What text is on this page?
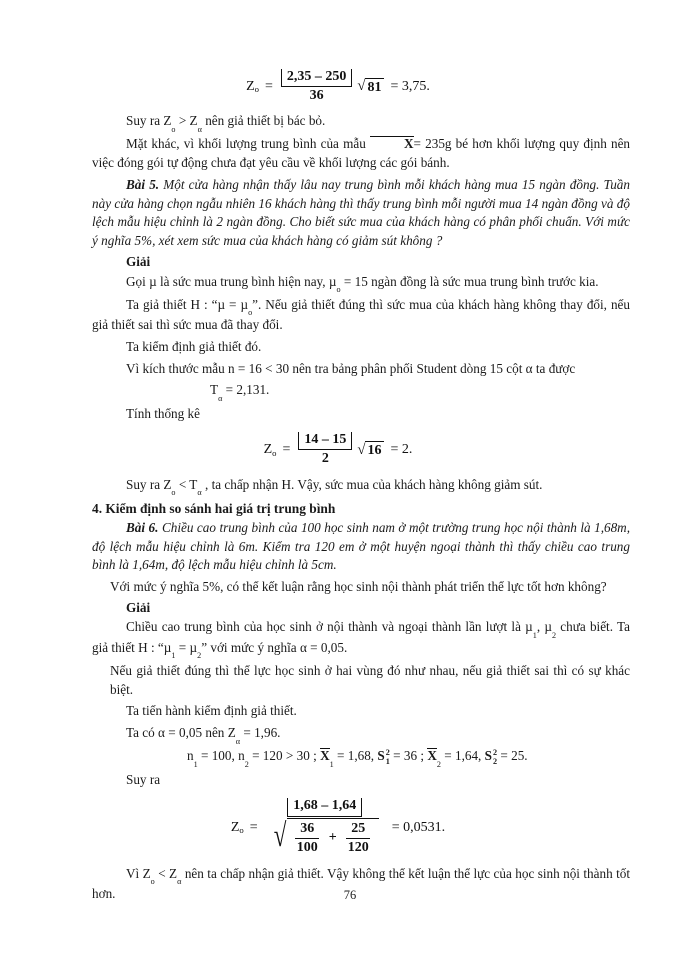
Z $o = \frac{2,35 - 250}{36}$ √ 81 = 3,75.

Suy ra $Z_o > Z_\alpha$ nên giả thiết bị bác bỏ.

Mặt khác, vì khối lượng trung bình của mẫu	X= 235g bé hơn khối lượng quy định nên việc đóng gói tự động chưa đạt yêu cầu về khối lượng các gói bánh.

Bài 5. Một cửa hàng nhận thấy lâu nay trung bình mỗi khách hàng mua 15 ngàn đồng. Tuần này cửa hàng chọn ngẫu nhiên 16 khách hàng thì thấy trung bình mỗi người mua 14 ngàn đồng và độ lệch mẫu hiệu chỉnh là 2 ngàn đồng. Cho biết sức mua của khách hàng có phân phối chuẩn. Với mức ý nghĩa 5%, xét xem sức mua của khách hàng có giảm sút không ?

Giải

Gọi µ là sức mua trung bình hiện nay, µ$_o$ = 15 ngàn đồng là sức mua trung bình trước kia.

Ta giả thiết H : “µ = µ$_o$”. Nếu giả thiết đúng thì sức mua của khách hàng không thay đổi, nếu giả thiết sai thì sức mua đã thay đổi.

Ta kiểm định giả thiết đó.

Vì kích thước mẫu n = 16 < 30 nên tra bảng phân phối Student dòng 15 cột α ta được

$T_\alpha = 2,131$.

Tính thống kê

Z $o = \frac{14 - 15}{2}$ √ 16 = 2.

Suy ra $Z_o < T_\alpha$ , ta chấp nhận H. Vậy, sức mua của khách hàng không giảm sút.

4. Kiểm định so sánh hai giá trị trung bình

Bài 6. Chiều cao trung bình của 100 học sinh nam ở một trường trung học nội thành là 1,68m, độ lệch mẫu hiệu chỉnh là 6m. Kiểm tra 120 em ở một huyện ngoại thành thì thấy chiều cao trung bình là 1,64m, độ lệch mẫu hiệu chỉnh là 5cm.

Với mức ý nghĩa 5%, có thể kết luận rằng học sinh nội thành phát triển thể lực tốt hơn không?

Giải

Chiều cao trung bình của học sinh ở nội thành và ngoại thành lần lượt là µ$_1$, µ$_2$ chưa biết. Ta giả thiết H : “µ$_1$ = µ$_2$” với mức ý nghĩa α = 0,05.

Nếu giả thiết đúng thì thể lực học sinh ở hai vùng đó như nhau, nếu giả thiết sai thì có sự khác biệt.

Ta tiến hành kiểm định giả thiết.

Ta có α = 0,05 nên $Z_\alpha = 1,96$.

$n_1 = 100$, $n_2 = 120 > 30$ ; $X_1 = 1,68$, S 2
1 = 36 ; $X_2 = 1,64$, S 2
2 = 25.

Suy ra

Z o =
1,68 – 1,64
√ $\frac{36}{100} + \frac{25}{120} = 0,0531$.

Vì $Z_o < Z_\alpha$ nên ta chấp nhận giả thiết. Vậy không thể kết luận thể lực của học sinh nội thành tốt hơn.	76
